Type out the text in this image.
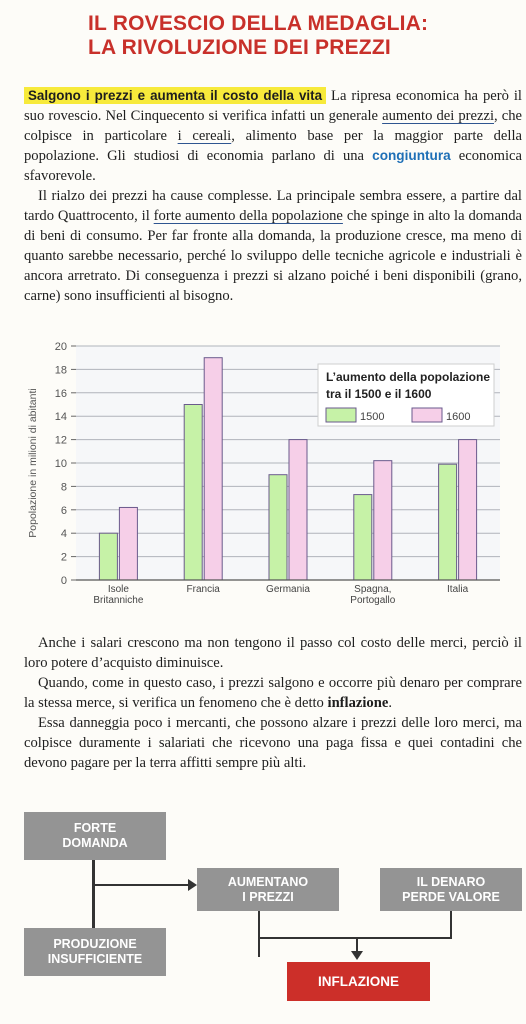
IL ROVESCIO DELLA MEDAGLIA:
LA RIVOLUZIONE DEI PREZZI

Salgono i prezzi e aumenta il costo della vita La ripresa economica ha però il suo rovescio. Nel Cinquecento si verifica infatti un generale aumento dei prezzi, che colpisce in particolare i cereali, alimento base per la maggior parte della popolazione. Gli studiosi di economia parlano di una congiuntura economica sfavorevole.

Il rialzo dei prezzi ha cause complesse. La principale sembra essere, a partire dal tardo Quattrocento, il forte aumento della popolazione che spinge in alto la domanda di beni di consumo. Per far fronte alla domanda, la produzione cresce, ma meno di quanto sarebbe necessario, perché lo sviluppo delle tecniche agricole e industriali è ancora arretrato. Di conseguenza i prezzi si alzano poiché i beni disponibili (grano, carne) sono insufficienti al bisogno.

0
2
4
6
8
10
12
14
16
18
20
Popolazione in milioni di abitanti
Isole
Britanniche
Francia	Germania	Spagna,
Portogallo
Italia
L’aumento della popolazione
tra il 1500 e il 1600
1500	1600

Anche i salari crescono ma non tengono il passo col costo delle merci, perciò il loro potere d’acquisto diminuisce.

Quando, come in questo caso, i prezzi salgono e occorre più denaro per comprare la stessa merce, si verifica un fenomeno che è detto inflazione.

Essa danneggia poco i mercanti, che possono alzare i prezzi delle loro merci, ma colpisce duramente i salariati che ricevono una paga fissa e quei contadini che devono pagare per la terra affitti sempre più alti.

FORTE
DOMANDA
PRODUZIONE
INSUFFICIENTE
AUMENTANO
I PREZZI
IL DENARO
PERDE VALORE
INFLAZIONE
